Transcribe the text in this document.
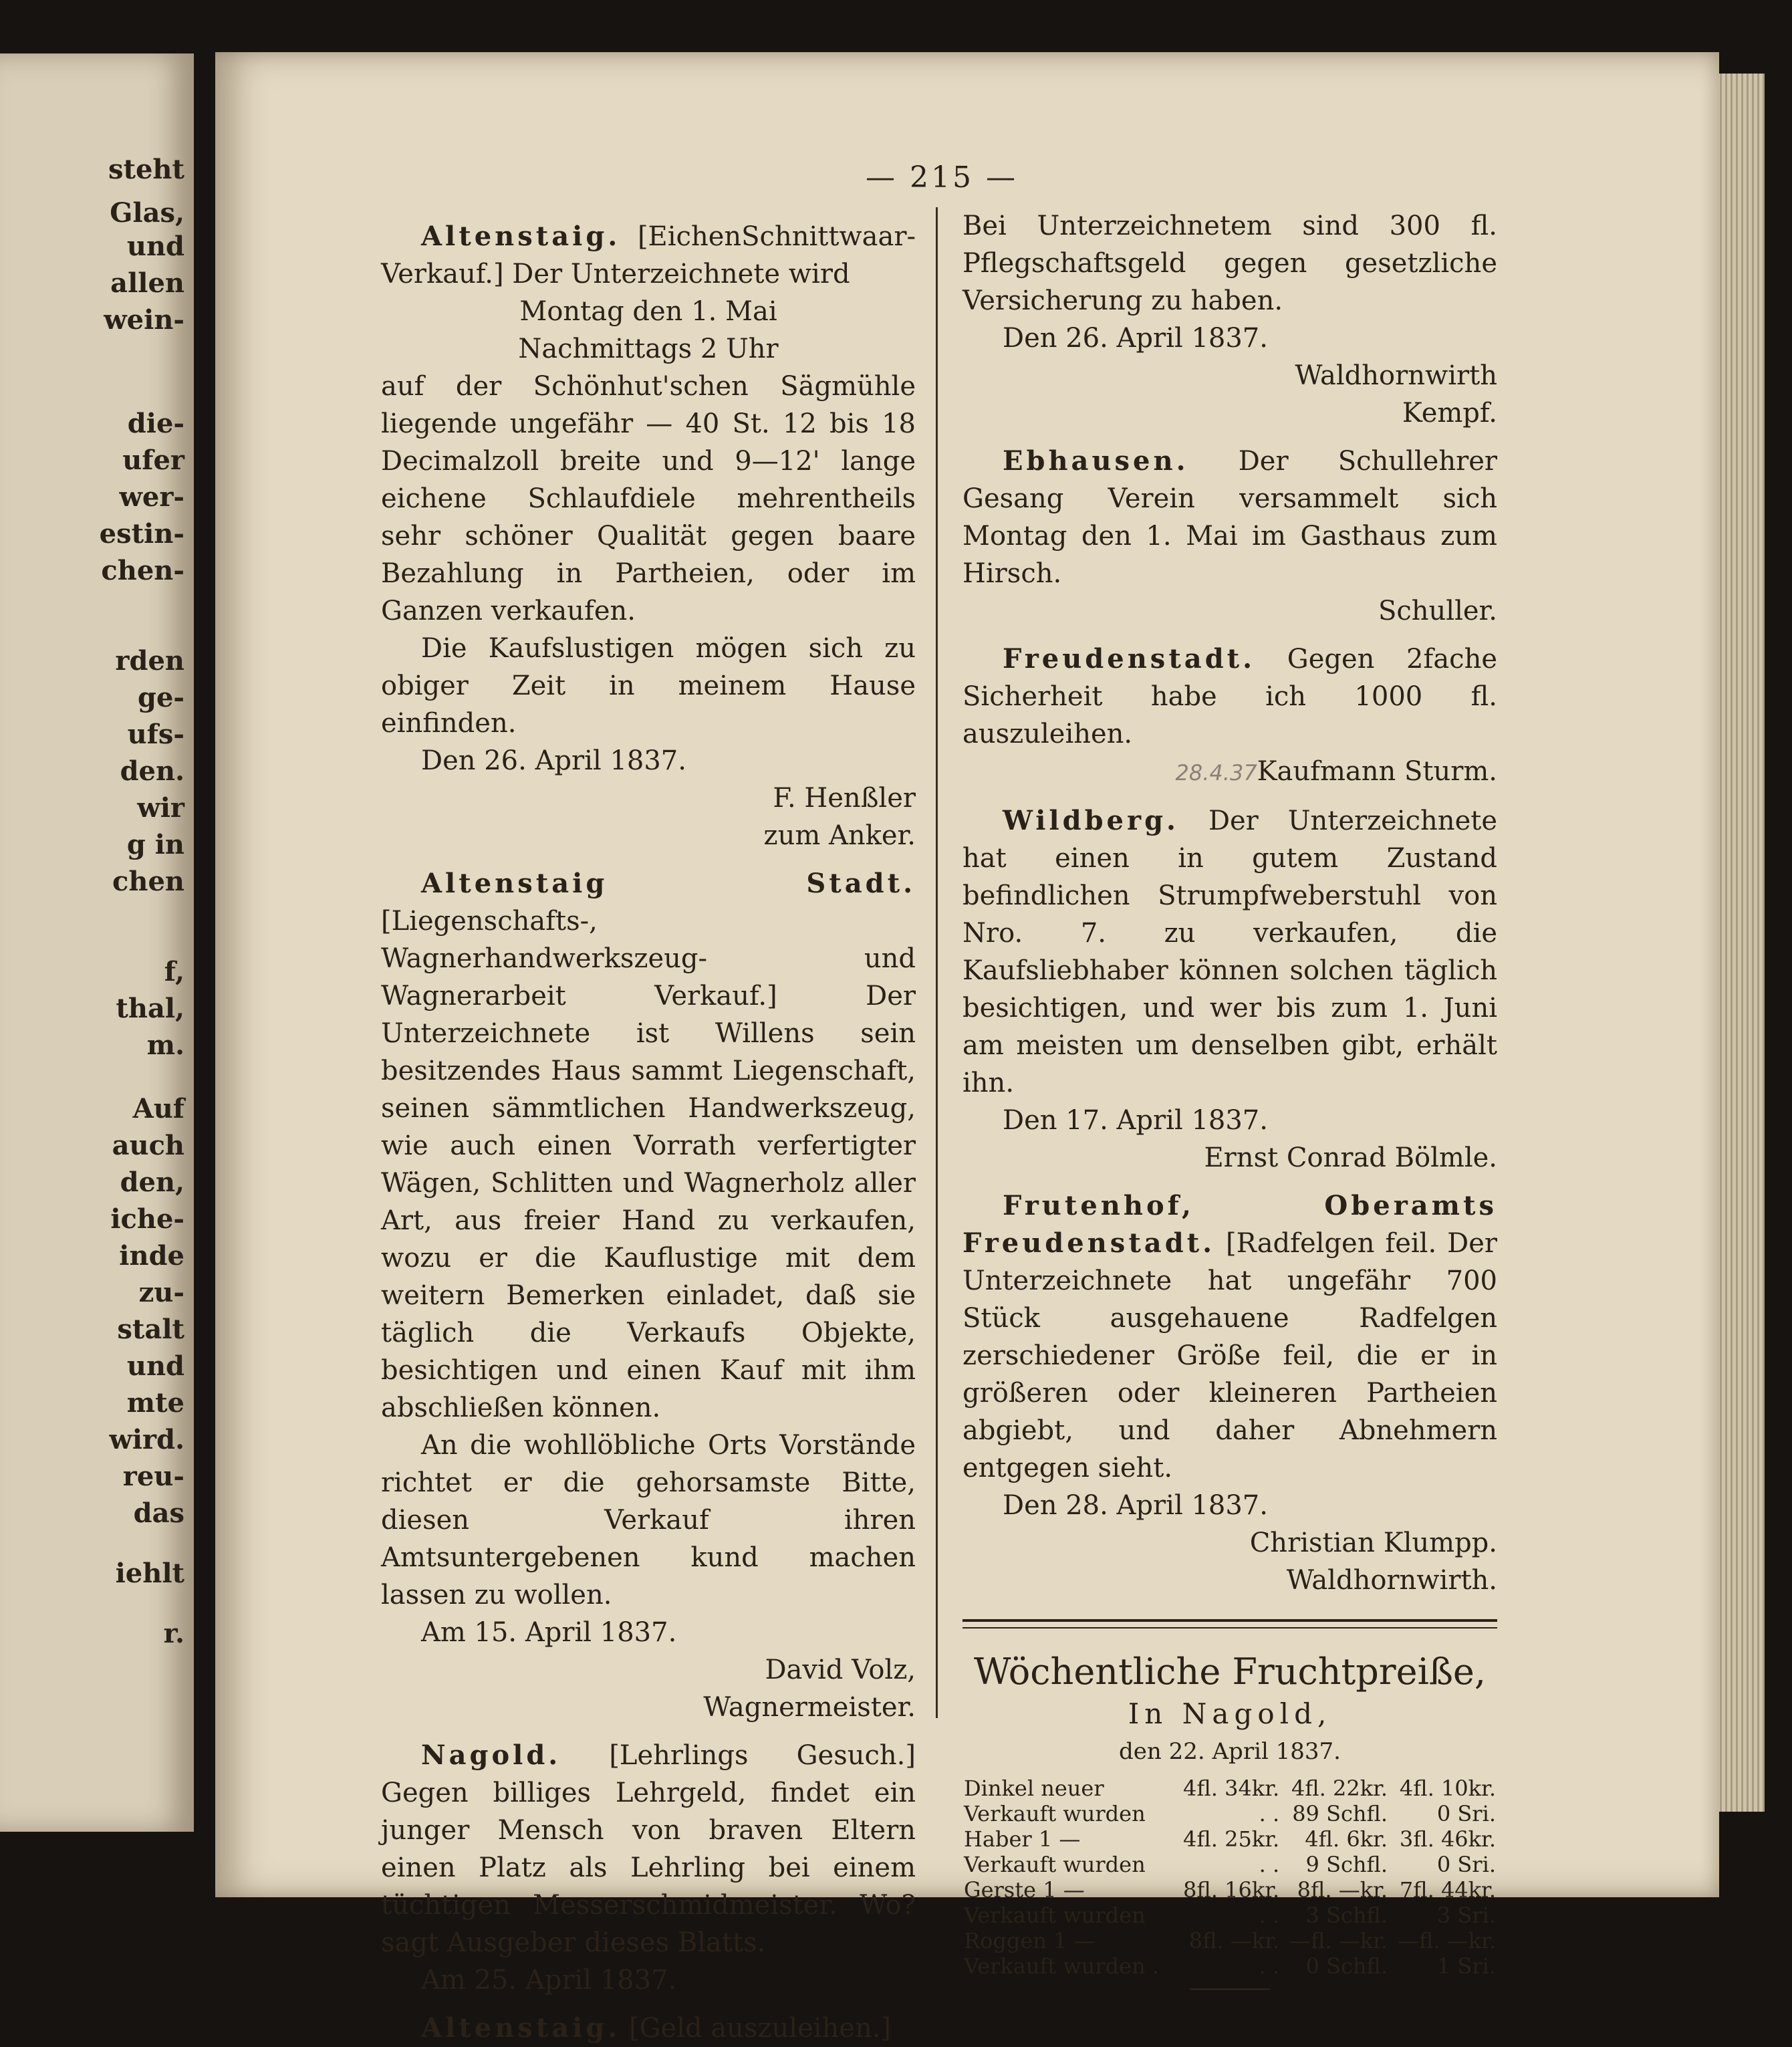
steht
Glas,
und
allen
wein-
die-
ufer
wer-
estin-
chen-
rden
ge-
ufs-
den.
wir
g in
chen
f,
thal,
m.
Auf
auch
den,
iche-
inde
zu-
stalt
und
mte
wird.
reu-
das
iehlt
r.
— 215 —

Altenstaig. [EichenSchnittwaar-Verkauf.] Der Unterzeichnete wird

Montag den 1. Mai

Nachmittags 2 Uhr

auf der Schönhut'schen Sägmühle liegende ungefähr — 40 St. 12 bis 18 Decimalzoll breite und 9—12' lange eichene Schlaufdiele mehrentheils sehr schöner Qualität gegen baare Bezahlung in Partheien, oder im Ganzen verkaufen.

Die Kaufslustigen mögen sich zu obiger Zeit in meinem Hause einfinden.

Den 26. April 1837.

F. Henßler

zum Anker.

Altenstaig Stadt. [Liegenschafts-, Wagnerhandwerkszeug- und Wagnerarbeit Verkauf.] Der Unterzeichnete ist Willens sein besitzendes Haus sammt Liegenschaft, seinen sämmtlichen Handwerkszeug, wie auch einen Vorrath verfertigter Wägen, Schlitten und Wagnerholz aller Art, aus freier Hand zu verkaufen, wozu er die Kauflustige mit dem weitern Bemerken einladet, daß sie täglich die Verkaufs Objekte, besichtigen und einen Kauf mit ihm abschließen können.

An die wohllöbliche Orts Vorstände richtet er die gehorsamste Bitte, diesen Verkauf ihren Amtsuntergebenen kund machen lassen zu wollen.

Am 15. April 1837.

David Volz,

Wagnermeister.

Nagold. [Lehrlings Gesuch.] Gegen billiges Lehrgeld, findet ein junger Mensch von braven Eltern einen Platz als Lehrling bei einem tüchtigen Messerschmidmeister. Wo? sagt Ausgeber dieses Blatts.

Am 25. April 1837.

Altenstaig. [Geld auszuleihen.]

Bei Unterzeichnetem sind 300 fl. Pflegschaftsgeld gegen gesetzliche Versicherung zu haben.

Den 26. April 1837.

Waldhornwirth

Kempf.

Ebhausen. Der Schullehrer Gesang Verein versammelt sich Montag den 1. Mai im Gasthaus zum Hirsch.

Schuller.

Freudenstadt. Gegen 2fache Sicherheit habe ich 1000 fl. auszuleihen.

28.4.37Kaufmann Sturm.

Wildberg. Der Unterzeichnete hat einen in gutem Zustand befindlichen Strumpfweberstuhl von Nro. 7. zu verkaufen, die Kaufsliebhaber können solchen täglich besichtigen, und wer bis zum 1. Juni am meisten um denselben gibt, erhält ihn.

Den 17. April 1837.

Ernst Conrad Bölmle.

Frutenhof, Oberamts Freudenstadt. [Radfelgen feil. Der Unterzeichnete hat ungefähr 700 Stück ausgehauene Radfelgen zerschiedener Größe feil, die er in größeren oder kleineren Partheien abgiebt, und daher Abnehmern entgegen sieht.

Den 28. April 1837.

Christian Klumpp.

Waldhornwirth.

Wöchentliche Fruchtpreiße,
In Nagold,
den 22. April 1837.
Dinkel neuer	4fl. 34kr.	4fl. 22kr.	4fl. 10kr.
Verkauft wurden	. .	89 Schfl.	0 Sri.
Haber 1 —	4fl. 25kr.	4fl. 6kr.	3fl. 46kr.
Verkauft wurden	. .	9 Schfl.	0 Sri.
Gerste 1 —	8fl. 16kr.	8fl. —kr.	7fl. 44kr.
Verkauft wurden	. .	3 Schfl.	3 Sri.
Roggen 1 —	8fl. —kr.	—fl. —kr.	—fl. —kr.
Verkauft wurden .	. .	0 Schfl.	1 Sri.
